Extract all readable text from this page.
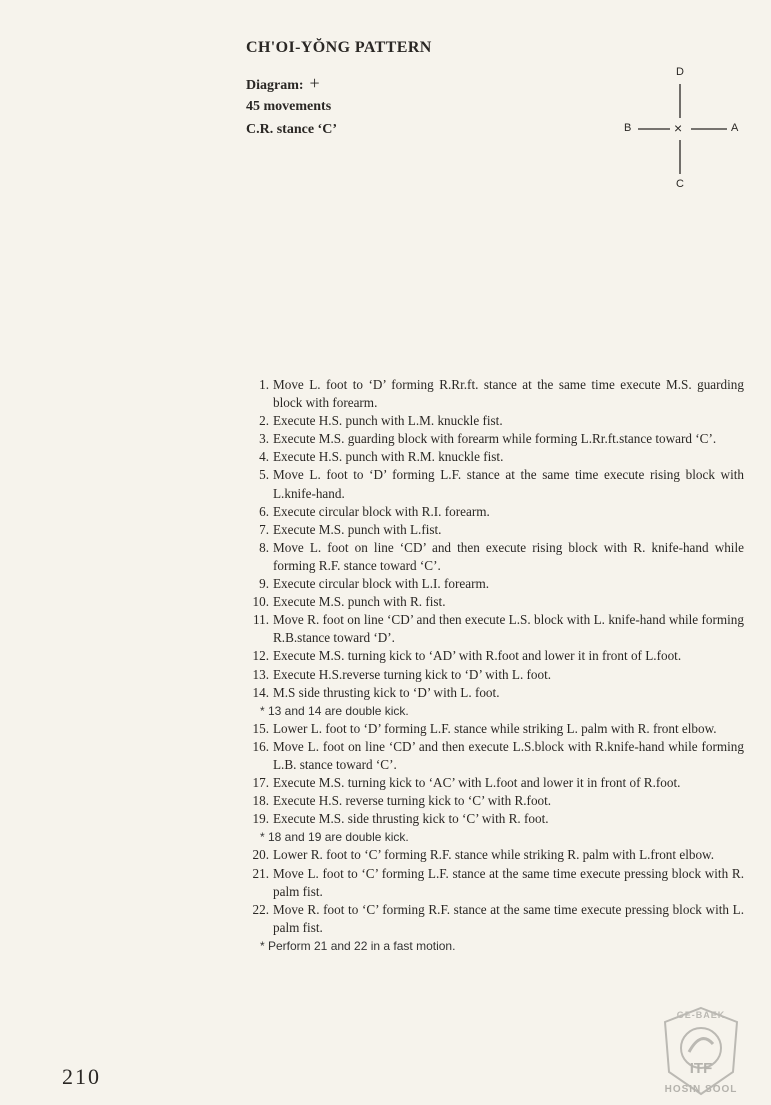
CH'OI-YŎNG PATTERN
Diagram: +
45 movements
C.R. stance ‘C’
D
C
B	A
×
1. Move L. foot to ‘D’ forming R.Rr.ft. stance at the same time execute M.S. guarding block with forearm.
2. Execute H.S. punch with L.M. knuckle fist.
3. Execute M.S. guarding block with forearm while forming L.Rr.ft.stance toward ‘C’.
4. Execute H.S. punch with R.M. knuckle fist.
5. Move L. foot to ‘D’ forming L.F. stance at the same time execute rising block with L.knife-hand.
6. Execute circular block with R.I. forearm.
7. Execute M.S. punch with L.fist.
8. Move L. foot on line ‘CD’ and then execute rising block with R. knife-hand while forming R.F. stance toward ‘C’.
9. Execute circular block with L.I. forearm.
10. Execute M.S. punch with R. fist.
11. Move R. foot on line ‘CD’ and then execute L.S. block with L. knife-hand while forming R.B.stance toward ‘D’.
12. Execute M.S. turning kick to ‘AD’ with R.foot and lower it in front of L.foot.
13. Execute H.S.reverse turning kick to ‘D’ with L. foot.
14. M.S side thrusting kick to ‘D’ with L. foot.
* 13 and 14 are double kick.
15. Lower L. foot to ‘D’ forming L.F. stance while striking L. palm with R. front elbow.
16. Move L. foot on line ‘CD’ and then execute L.S.block with R.knife-hand while forming L.B. stance toward ‘C’.
17. Execute M.S. turning kick to ‘AC’ with L.foot and lower it in front of R.foot.
18. Execute H.S. reverse turning kick to ‘C’ with R.foot.
19. Execute M.S. side thrusting kick to ‘C’ with R. foot.
* 18 and 19 are double kick.
20. Lower R. foot to ‘C’ forming R.F. stance while striking R. palm with L.front elbow.
21. Move L. foot to ‘C’ forming L.F. stance at the same time execute pressing block with R. palm fist.
22. Move R. foot to ‘C’ forming R.F. stance at the same time execute pressing block with L. palm fist.
* Perform 21 and 22 in a fast motion.
210
GE-BAEK
ITF
HOSIN SOOL
